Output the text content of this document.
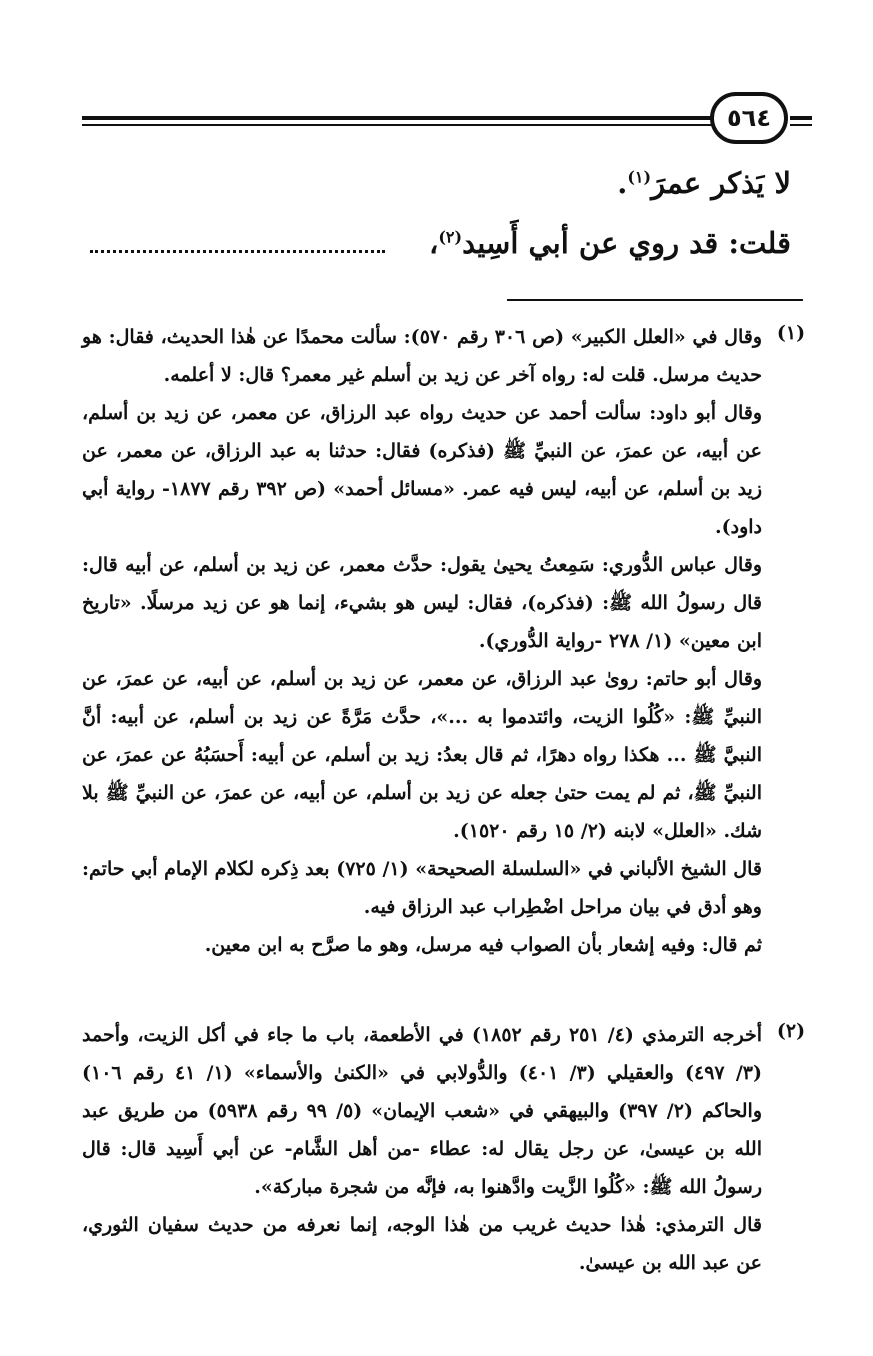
٥٦٤
لا يَذكر عمرَ$^{(١)}$.
قلت: قد روي عن أبي أَسِيد$^{(٢)}$،
(١)

وقال في «العلل الكبير» (ص ٣٠٦ رقم ٥٧٠): سألت محمدًا عن هٰذا الحديث، فقال: هو حديث مرسل. قلت له: رواه آخر عن زيد بن أسلم غير معمر؟ قال: لا أعلمه.

وقال أبو داود: سألت أحمد عن حديث رواه عبد الرزاق، عن معمر، عن زيد بن أسلم، عن أبيه، عن عمرَ، عن النبيِّ ﷺ (فذكره) فقال: حدثنا به عبد الرزاق، عن معمر، عن زيد بن أسلم، عن أبيه، ليس فيه عمر. «مسائل أحمد» (ص ٣٩٢ رقم ١٨٧٧- رواية أبي داود).

وقال عباس الدُّوري: سَمِعتُ يحيىٰ يقول: حدَّث معمر، عن زيد بن أسلم، عن أبيه قال: قال رسولُ الله ﷺ: (فذكره)، فقال: ليس هو بشيء، إنما هو عن زيد مرسلًا. «تاريخ ابن معين» (١/ ٢٧٨ -رواية الدُّوري).

وقال أبو حاتم: رویٰ عبد الرزاق، عن معمر، عن زيد بن أسلم، عن أبيه، عن عمرَ، عن النبيِّ ﷺ: «كُلُوا الزيت، وائتدموا به ...»، حدَّث مَرَّةً عن زيد بن أسلم، عن أبيه: أنَّ النبيَّ ﷺ ... هكذا رواه دهرًا، ثم قال بعدُ: زيد بن أسلم، عن أبيه: أَحسَبُهُ عن عمرَ، عن النبيِّ ﷺ، ثم لم يمت حتىٰ جعله عن زيد بن أسلم، عن أبيه، عن عمرَ، عن النبيِّ ﷺ بلا شك. «العلل» لابنه (٢/ ١٥ رقم ١٥٢٠).

قال الشيخ الألباني في «السلسلة الصحيحة» (١/ ٧٢٥) بعد ذِكره لكلام الإمام أبي حاتم: وهو أدق في بيان مراحل اضْطِراب عبد الرزاق فيه.

ثم قال: وفيه إشعار بأن الصواب فيه مرسل، وهو ما صرَّح به ابن معين.

(٢)

أخرجه الترمذي (٤/ ٢٥١ رقم ١٨٥٢) في الأطعمة، باب ما جاء في أكل الزيت، وأحمد (٣/ ٤٩٧) والعقيلي (٣/ ٤٠١) والدُّولابي في «الكنىٰ والأسماء» (١/ ٤١ رقم ١٠٦) والحاكم (٢/ ٣٩٧) والبيهقي في «شعب الإيمان» (٥/ ٩٩ رقم ٥٩٣٨) من طريق عبد الله بن عيسىٰ، عن رجل يقال له: عطاء -من أهل الشَّام- عن أبي أَسِيد قال: قال رسولُ الله ﷺ: «كُلُوا الزَّيت وادَّهنوا به، فإنَّه من شجرة مباركة».

قال الترمذي: هٰذا حديث غريب من هٰذا الوجه، إنما نعرفه من حديث سفيان الثوري، عن عبد الله بن عيسىٰ.
